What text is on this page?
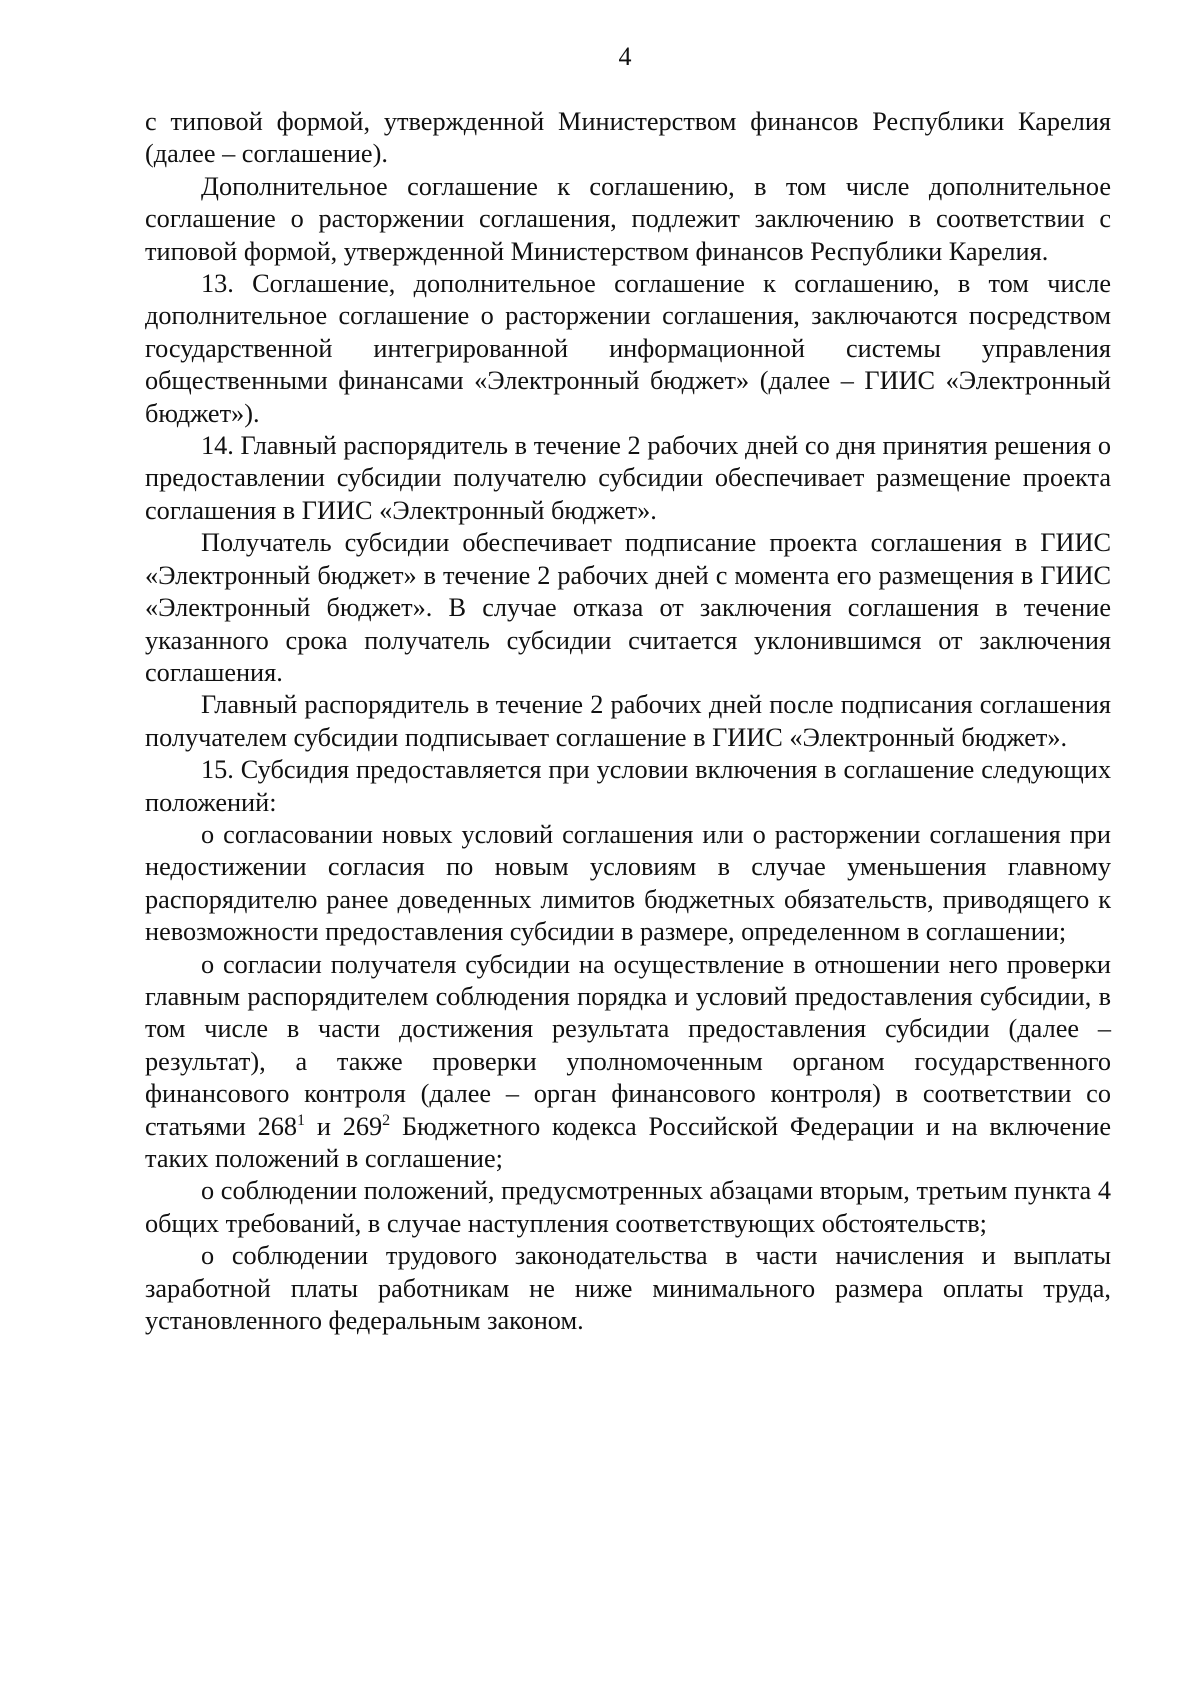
4

с типовой формой, утвержденной Министерством финансов Республики Карелия (далее – соглашение).

Дополнительное соглашение к соглашению, в том числе дополнительное соглашение о расторжении соглашения, подлежит заключению в соответствии с типовой формой, утвержденной Министерством финансов Республики Карелия.

13. Соглашение, дополнительное соглашение к соглашению, в том числе дополнительное соглашение о расторжении соглашения, заключаются посредством государственной интегрированной информационной системы управления общественными финансами «Электронный бюджет» (далее – ГИИС «Электронный бюджет»).

14. Главный распорядитель в течение 2 рабочих дней со дня принятия решения о предоставлении субсидии получателю субсидии обеспечивает размещение проекта соглашения в ГИИС «Электронный бюджет».

Получатель субсидии обеспечивает подписание проекта соглашения в ГИИС «Электронный бюджет» в течение 2 рабочих дней с момента его размещения в ГИИС «Электронный бюджет». В случае отказа от заключения соглашения в течение указанного срока получатель субсидии считается уклонившимся от заключения соглашения.

Главный распорядитель в течение 2 рабочих дней после подписания соглашения получателем субсидии подписывает соглашение в ГИИС «Электронный бюджет».

15. Субсидия предоставляется при условии включения в соглашение следующих положений:

о согласовании новых условий соглашения или о расторжении соглашения при недостижении согласия по новым условиям в случае уменьшения главному распорядителю ранее доведенных лимитов бюджетных обязательств, приводящего к невозможности предоставления субсидии в размере, определенном в соглашении;

о согласии получателя субсидии на осуществление в отношении него проверки главным распорядителем соблюдения порядка и условий предоставления субсидии, в том числе в части достижения результата предоставления субсидии (далее – результат), а также проверки уполномоченным органом государственного финансового контроля (далее – орган финансового контроля) в соответствии со статьями $268^1$ и $269^2$ Бюджетного кодекса Российской Федерации и на включение таких положений в соглашение;

о соблюдении положений, предусмотренных абзацами вторым, третьим пункта 4 общих требований, в случае наступления соответствующих обстоятельств;

о соблюдении трудового законодательства в части начисления и выплаты заработной платы работникам не ниже минимального размера оплаты труда, установленного федеральным законом.
